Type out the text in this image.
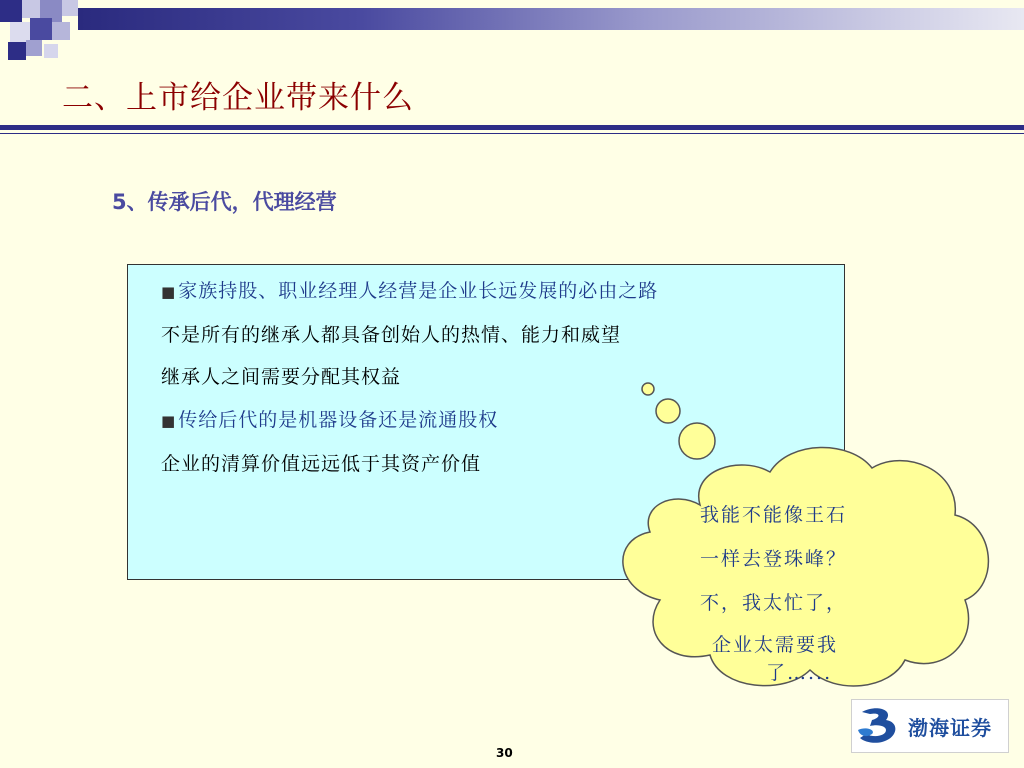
二、上市给企业带来什么
5、传承后代，代理经营
■ 家族持股、职业经理人经营是企业长远发展的必由之路
不是所有的继承人都具备创始人的热情、能力和威望
继承人之间需要分配其权益
■ 传给后代的是机器设备还是流通股权
企业的清算价值远远低于其资产价值
我能不能像王石
一样去登珠峰？
不，我太忙了，
企业太需要我
了…...
渤海证券
30
